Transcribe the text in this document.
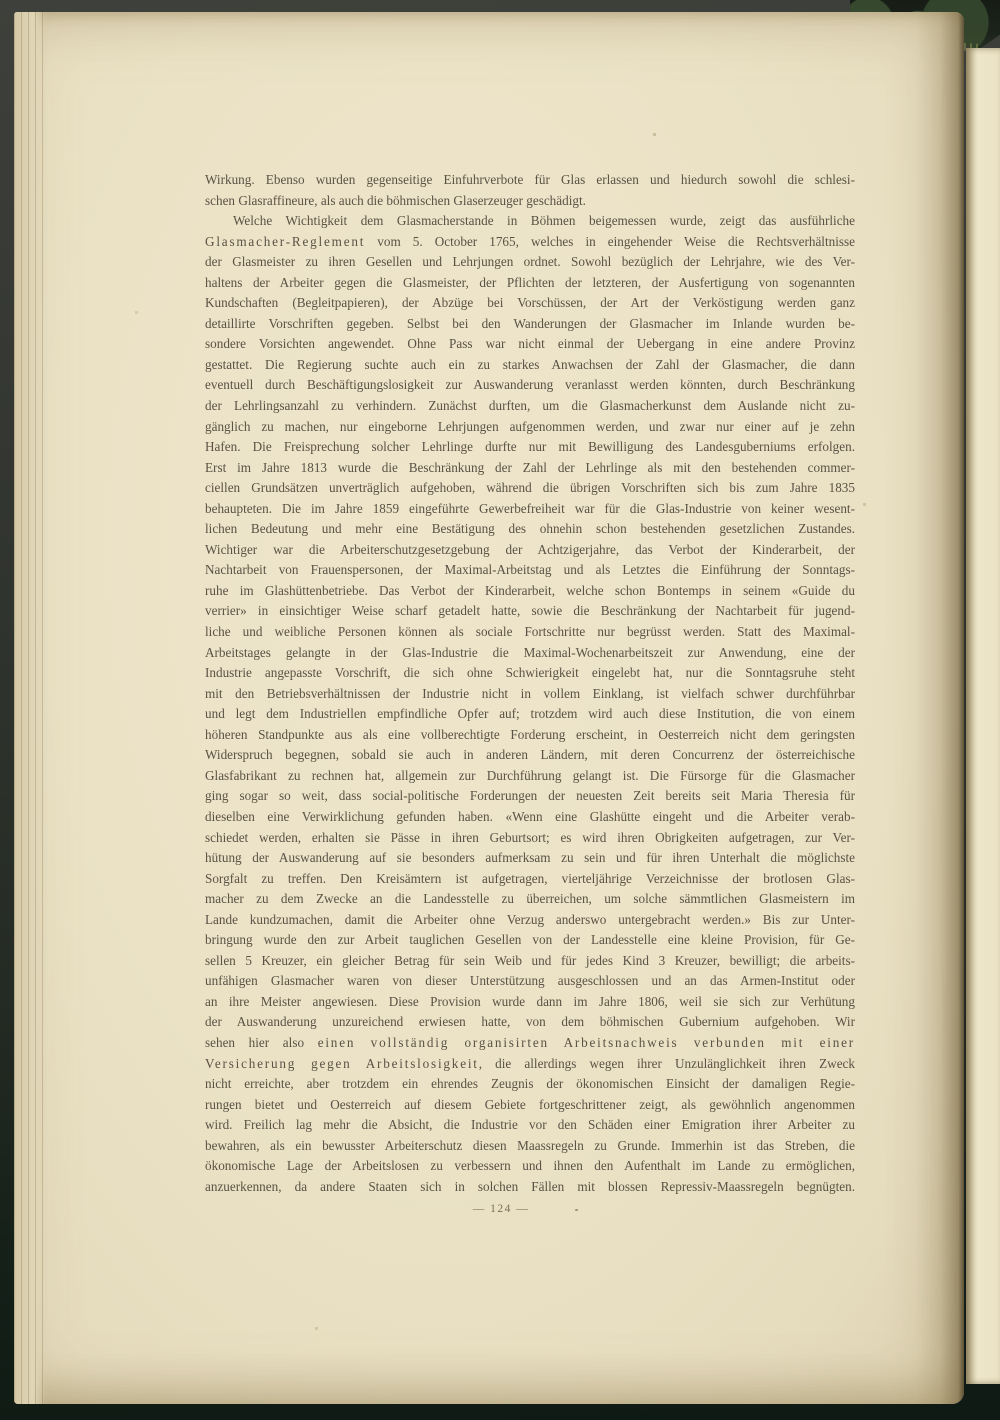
Wirkung. Ebenso wurden gegenseitige Einfuhrverbote für Glas erlassen und hiedurch sowohl die schlesi-
schen Glasraffineure, als auch die böhmischen Glaserzeuger geschädigt.
Welche Wichtigkeit dem Glasmacherstande in Böhmen beigemessen wurde, zeigt das ausführliche
Glasmacher-Reglement vom 5. October 1765, welches in eingehender Weise die Rechtsverhältnisse
der Glasmeister zu ihren Gesellen und Lehrjungen ordnet. Sowohl bezüglich der Lehrjahre, wie des Ver-
haltens der Arbeiter gegen die Glasmeister, der Pflichten der letzteren, der Ausfertigung von sogenannten
Kundschaften (Begleitpapieren), der Abzüge bei Vorschüssen, der Art der Verköstigung werden ganz
detaillirte Vorschriften gegeben. Selbst bei den Wanderungen der Glasmacher im Inlande wurden be-
sondere Vorsichten angewendet. Ohne Pass war nicht einmal der Uebergang in eine andere Provinz
gestattet. Die Regierung suchte auch ein zu starkes Anwachsen der Zahl der Glasmacher, die dann
eventuell durch Beschäftigungslosigkeit zur Auswanderung veranlasst werden könnten, durch Beschränkung
der Lehrlingsanzahl zu verhindern. Zunächst durften, um die Glasmacherkunst dem Auslande nicht zu-
gänglich zu machen, nur eingeborne Lehrjungen aufgenommen werden, und zwar nur einer auf je zehn
Hafen. Die Freisprechung solcher Lehrlinge durfte nur mit Bewilligung des Landesguberniums erfolgen.
Erst im Jahre 1813 wurde die Beschränkung der Zahl der Lehrlinge als mit den bestehenden commer-
ciellen Grundsätzen unverträglich aufgehoben, während die übrigen Vorschriften sich bis zum Jahre 1835
behaupteten. Die im Jahre 1859 eingeführte Gewerbefreiheit war für die Glas-Industrie von keiner wesent-
lichen Bedeutung und mehr eine Bestätigung des ohnehin schon bestehenden gesetzlichen Zustandes.
Wichtiger war die Arbeiterschutzgesetzgebung der Achtzigerjahre, das Verbot der Kinderarbeit, der
Nachtarbeit von Frauenspersonen, der Maximal-Arbeitstag und als Letztes die Einführung der Sonntags-
ruhe im Glashüttenbetriebe. Das Verbot der Kinderarbeit, welche schon Bontemps in seinem «Guide du
verrier» in einsichtiger Weise scharf getadelt hatte, sowie die Beschränkung der Nachtarbeit für jugend-
liche und weibliche Personen können als sociale Fortschritte nur begrüsst werden. Statt des Maximal-
Arbeitstages gelangte in der Glas-Industrie die Maximal-Wochenarbeitszeit zur Anwendung, eine der
Industrie angepasste Vorschrift, die sich ohne Schwierigkeit eingelebt hat, nur die Sonntagsruhe steht
mit den Betriebsverhältnissen der Industrie nicht in vollem Einklang, ist vielfach schwer durchführbar
und legt dem Industriellen empfindliche Opfer auf; trotzdem wird auch diese Institution, die von einem
höheren Standpunkte aus als eine vollberechtigte Forderung erscheint, in Oesterreich nicht dem geringsten
Widerspruch begegnen, sobald sie auch in anderen Ländern, mit deren Concurrenz der österreichische
Glasfabrikant zu rechnen hat, allgemein zur Durchführung gelangt ist. Die Fürsorge für die Glasmacher
ging sogar so weit, dass social-politische Forderungen der neuesten Zeit bereits seit Maria Theresia für
dieselben eine Verwirklichung gefunden haben. «Wenn eine Glashütte eingeht und die Arbeiter verab-
schiedet werden, erhalten sie Pässe in ihren Geburtsort; es wird ihren Obrigkeiten aufgetragen, zur Ver-
hütung der Auswanderung auf sie besonders aufmerksam zu sein und für ihren Unterhalt die möglichste
Sorgfalt zu treffen. Den Kreisämtern ist aufgetragen, vierteljährige Verzeichnisse der brotlosen Glas-
macher zu dem Zwecke an die Landesstelle zu überreichen, um solche sämmtlichen Glasmeistern im
Lande kundzumachen, damit die Arbeiter ohne Verzug anderswo untergebracht werden.» Bis zur Unter-
bringung wurde den zur Arbeit tauglichen Gesellen von der Landesstelle eine kleine Provision, für Ge-
sellen 5 Kreuzer, ein gleicher Betrag für sein Weib und für jedes Kind 3 Kreuzer, bewilligt; die arbeits-
unfähigen Glasmacher waren von dieser Unterstützung ausgeschlossen und an das Armen-Institut oder
an ihre Meister angewiesen. Diese Provision wurde dann im Jahre 1806, weil sie sich zur Verhütung
der Auswanderung unzureichend erwiesen hatte, von dem böhmischen Gubernium aufgehoben. Wir
sehen hier also einen vollständig organisirten Arbeitsnachweis verbunden mit einer
Versicherung gegen Arbeitslosigkeit, die allerdings wegen ihrer Unzulänglichkeit ihren Zweck
nicht erreichte, aber trotzdem ein ehrendes Zeugnis der ökonomischen Einsicht der damaligen Regie-
rungen bietet und Oesterreich auf diesem Gebiete fortgeschrittener zeigt, als gewöhnlich angenommen
wird. Freilich lag mehr die Absicht, die Industrie vor den Schäden einer Emigration ihrer Arbeiter zu
bewahren, als ein bewusster Arbeiterschutz diesen Maassregeln zu Grunde. Immerhin ist das Streben, die
ökonomische Lage der Arbeitslosen zu verbessern und ihnen den Aufenthalt im Lande zu ermöglichen,
anzuerkennen, da andere Staaten sich in solchen Fällen mit blossen Repressiv-Maassregeln begnügten.
— 124 —
